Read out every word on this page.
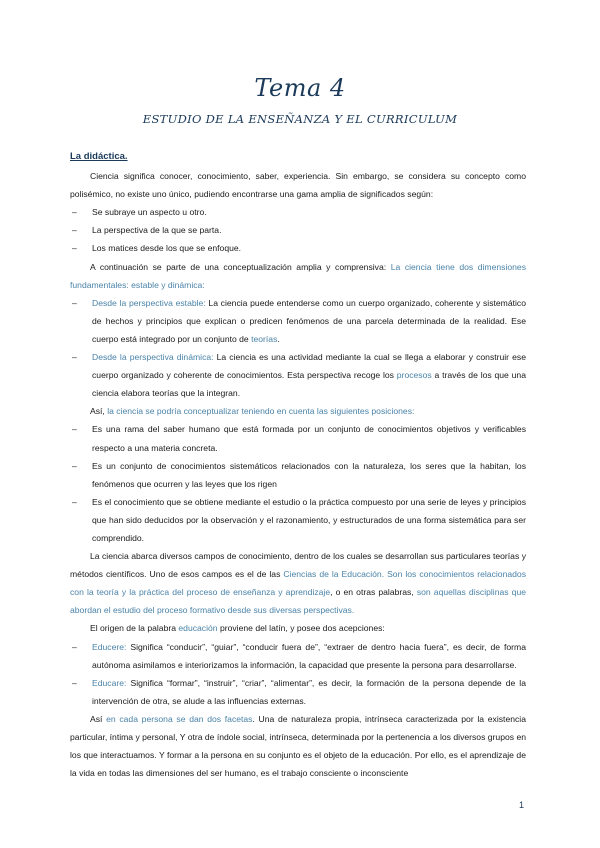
Tema 4
ESTUDIO DE LA ENSEÑANZA Y EL CURRICULUM
La didáctica.

Ciencia significa conocer, conocimiento, saber, experiencia. Sin embargo, se considera su concepto como polisémico, no existe uno único, pudiendo encontrarse una gama amplia de significados según:

– Se subraye un aspecto u otro.
– La perspectiva de la que se parta.
– Los matices desde los que se enfoque.

A continuación se parte de una conceptualización amplia y comprensiva: La ciencia tiene dos dimensiones fundamentales: estable y dinámica:

– Desde la perspectiva estable: La ciencia puede entenderse como un cuerpo organizado, coherente y sistemático de hechos y principios que explican o predicen fenómenos de una parcela determinada de la realidad. Ese cuerpo está integrado por un conjunto de teorías.
– Desde la perspectiva dinámica: La ciencia es una actividad mediante la cual se llega a elaborar y construir ese cuerpo organizado y coherente de conocimientos. Esta perspectiva recoge los procesos a través de los que una ciencia elabora teorías que la integran.

Así, la ciencia se podría conceptualizar teniendo en cuenta las siguientes posiciones:

– Es una rama del saber humano que está formada por un conjunto de conocimientos objetivos y verificables respecto a una materia concreta.
– Es un conjunto de conocimientos sistemáticos relacionados con la naturaleza, los seres que la habitan, los fenómenos que ocurren y las leyes que los rigen
– Es el conocimiento que se obtiene mediante el estudio o la práctica compuesto por una serie de leyes y principios que han sido deducidos por la observación y el razonamiento, y estructurados de una forma sistemática para ser comprendido.

La ciencia abarca diversos campos de conocimiento, dentro de los cuales se desarrollan sus particulares teorías y métodos científicos. Uno de esos campos es el de las Ciencias de la Educación. Son los conocimientos relacionados con la teoría y la práctica del proceso de enseñanza y aprendizaje, o en otras palabras, son aquellas disciplinas que abordan el estudio del proceso formativo desde sus diversas perspectivas.

El origen de la palabra educación proviene del latín, y posee dos acepciones:

– Educere: Significa “conducir”, “guiar”, “conducir fuera de”, “extraer de dentro hacia fuera”, es decir, de forma autónoma asimilamos e interiorizamos la información, la capacidad que presente la persona para desarrollarse.
– Educare: Significa “formar”, “instruir”, “criar”, “alimentar”, es decir, la formación de la persona depende de la intervención de otra, se alude a las influencias externas.

Así en cada persona se dan dos facetas. Una de naturaleza propia, intrínseca caracterizada por la existencia particular, íntima y personal, Y otra de índole social, intrínseca, determinada por la pertenencia a los diversos grupos en los que interactuamos. Y formar a la persona en su conjunto es el objeto de la educación. Por ello, es el aprendizaje de la vida en todas las dimensiones del ser humano, es el trabajo consciente o inconsciente

1
